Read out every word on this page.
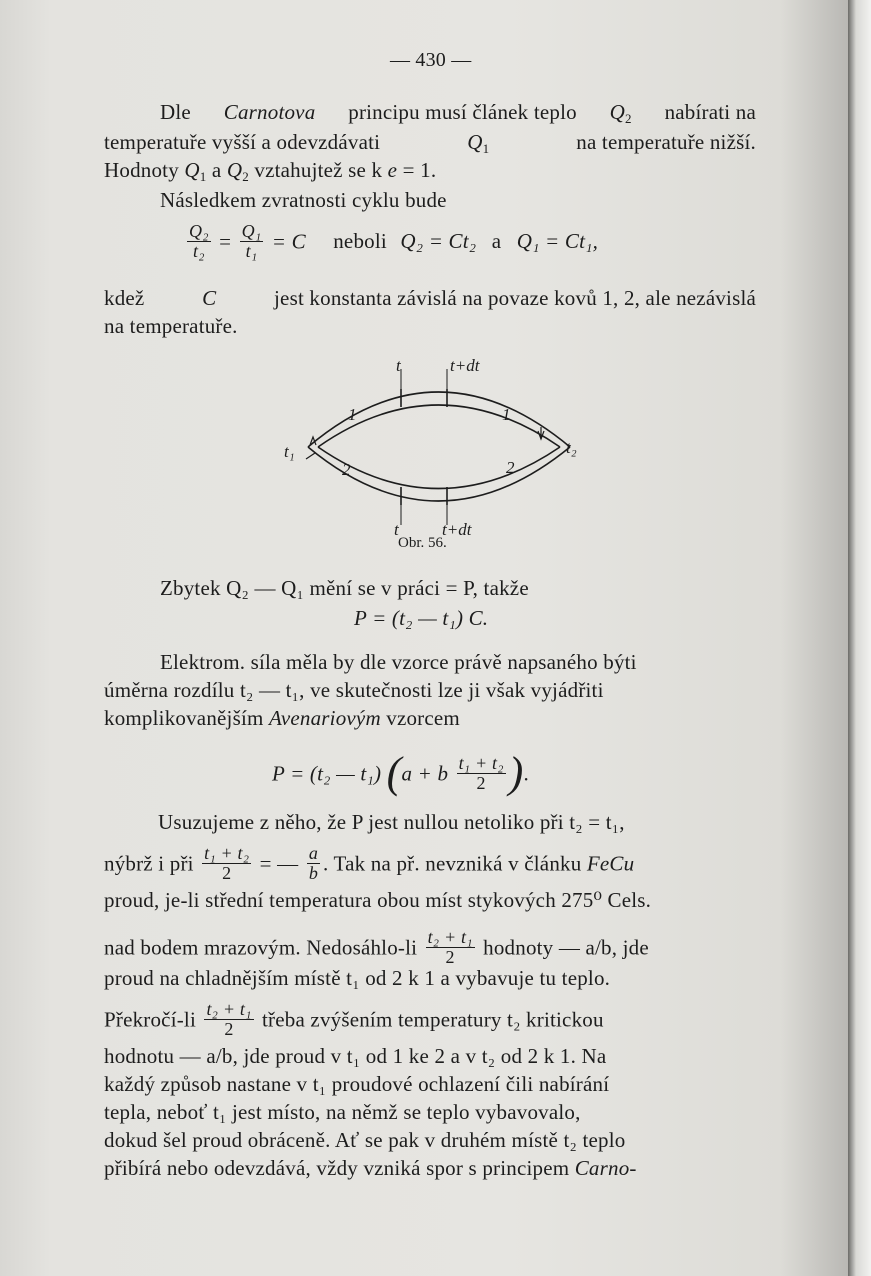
— 430 —
Dle Carnotova principu musí článek teplo $Q_2$ nabírati na
temperatuře vyšší a odevzdávati	$Q_1$	na temperatuře nižší.
Hodnoty $Q_1$ a $Q_2$ vztahujtež se k e = 1.
Následkem zvratnosti cyklu bude
$\frac{\text{Q₂}}{\text{t₂}} = \frac{\text{Q₁}}{\text{t₁}} = C$ neboli Q₂ = Ct₂ a Q₁ = Ct₁,
kdež	C	jest konstanta závislá na povaze kovů 1, 2, ale nezávislá
na temperatuře.
t	t+dt
t	t+dt
t₁	t₂
1	1
2	2
Obr. 56.
Zbytek Q₂ — Q₁ mění se v práci = P, takže
P = (t₂ — t₁) C.
Elektrom. síla měla by dle vzorce právě napsaného býti
úměrna rozdílu t₂ — t₁, ve skutečnosti lze ji však vyjádřiti
komplikovanějším Avenariovým vzorcem
P = (t₂ — t₁) (a + b $\frac{\text{t₁ + t₂}}{2}$ ).
Usuzujeme z něho, že P jest nullou netoliko při t₂ = t₁,
nýbrž i při $\frac{\text{t₁ + t₂}}{2}$ = — $\frac{a}{b}$ . Tak na př. nevzniká v článku FeCu
proud, je-li střední temperatura obou míst stykových 275⁰ Cels.
nad bodem mrazovým. Nedosáhlo-li $\frac{\text{t₂ + t₁}}{2}$ hodnoty — a/b, jde
proud na chladnějším místě t₁ od 2 k 1 a vybavuje tu teplo.
Překročí-li $\frac{\text{t₂ + t₁}}{2}$ třeba zvýšením temperatury t₂ kritickou
hodnotu — a/b, jde proud v t₁ od 1 ke 2 a v t₂ od 2 k 1. Na
každý způsob nastane v t₁ proudové ochlazení čili nabírání
tepla, neboť t₁ jest místo, na němž se teplo vybavovalo,
dokud šel proud obráceně. Ať se pak v druhém místě t₂ teplo
přibírá nebo odevzdává, vždy vzniká spor s principem Carno-
